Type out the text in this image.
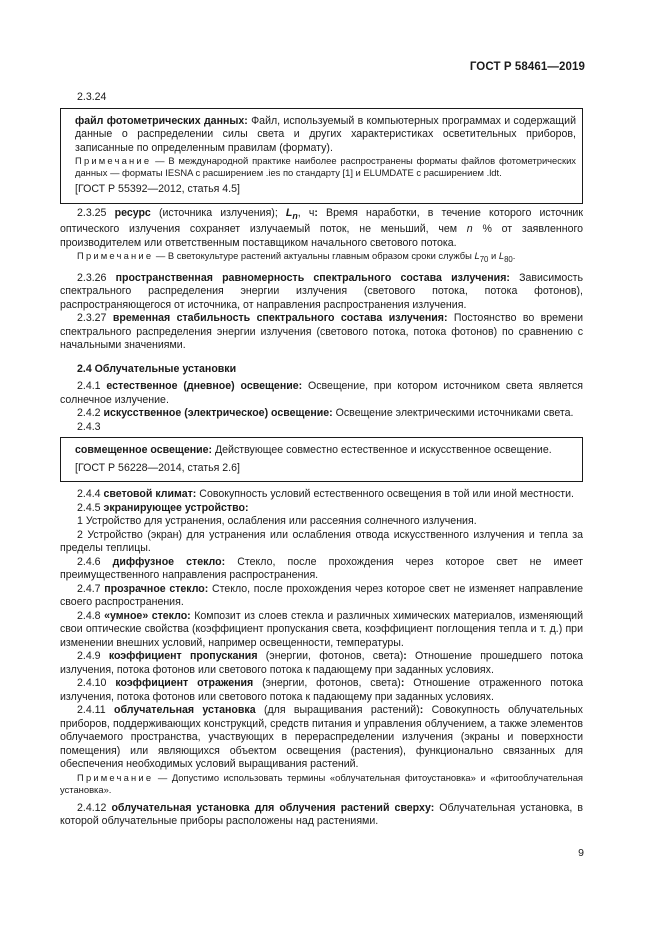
ГОСТ Р 58461—2019
2.3.24

файл фотометрических данных: Файл, используемый в компьютерных программах и содержащий данные о распределении силы света и других характеристиках осветительных приборов, записанные по определенным правилам (формату).

Примечание — В международной практике наиболее распространены форматы файлов фотометрических данных — форматы IESNA с расширением .ies по стандарту [1] и ELUMDATE с расширением .ldt.

[ГОСТ Р 55392—2012, статья 4.5]

2.3.25 ресурс (источника излучения); $L_n$, ч: Время наработки, в течение которого источник оптического излучения сохраняет излучаемый поток, не меньший, чем n % от заявленного производителем или ответственным поставщиком начального светового потока.

Примечание — В светокультуре растений актуальны главным образом сроки службы $L_{70}$ и $L_{80}$.

2.3.26 пространственная равномерность спектрального состава излучения: Зависимость спектрального распределения энергии излучения (светового потока, потока фотонов), распространяющегося от источника, от направления распространения излучения.

2.3.27 временная стабильность спектрального состава излучения: Постоянство во времени спектрального распределения энергии излучения (светового потока, потока фотонов) по сравнению с начальными значениями.

2.4 Облучательные установки

2.4.1 естественное (дневное) освещение: Освещение, при котором источником света является солнечное излучение.

2.4.2 искусственное (электрическое) освещение: Освещение электрическими источниками света.

2.4.3

совмещенное освещение: Действующее совместно естественное и искусственное освещение.

[ГОСТ Р 56228—2014, статья 2.6]

2.4.4 световой климат: Совокупность условий естественного освещения в той или иной местности.

2.4.5 экранирующее устройство:

1 Устройство для устранения, ослабления или рассеяния солнечного излучения.

2 Устройство (экран) для устранения или ослабления отвода искусственного излучения и тепла за пределы теплицы.

2.4.6 диффузное стекло: Стекло, после прохождения через которое свет не имеет преимущественного направления распространения.

2.4.7 прозрачное стекло: Стекло, после прохождения через которое свет не изменяет направление своего распространения.

2.4.8 «умное» стекло: Композит из слоев стекла и различных химических материалов, изменяющий свои оптические свойства (коэффициент пропускания света, коэффициент поглощения тепла и т. д.) при изменении внешних условий, например освещенности, температуры.

2.4.9 коэффициент пропускания (энергии, фотонов, света): Отношение прошедшего потока излучения, потока фотонов или светового потока к падающему при заданных условиях.

2.4.10 коэффициент отражения (энергии, фотонов, света): Отношение отраженного потока излучения, потока фотонов или светового потока к падающему при заданных условиях.

2.4.11 облучательная установка (для выращивания растений): Совокупность облучательных приборов, поддерживающих конструкций, средств питания и управления облучением, а также элементов облучаемого пространства, участвующих в перераспределении излучения (экраны и поверхности помещения) или являющихся объектом освещения (растения), функционально связанных для обеспечения необходимых условий выращивания растений.

Примечание — Допустимо использовать термины «облучательная фитоустановка» и «фитооблучательная установка».

2.4.12 облучательная установка для облучения растений сверху: Облучательная установка, в которой облучательные приборы расположены над растениями.

9
